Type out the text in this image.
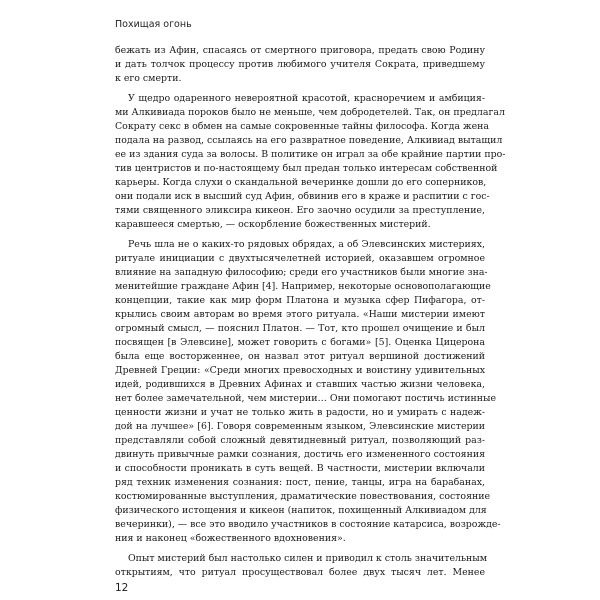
Похищая огонь
бежать из Афин, спасаясь от смертного приговора, предать свою Родину
и дать толчок процессу против любимого учителя Сократа, приведшему
к его смерти.
У щедро одаренного невероятной красотой, красноречием и амбиция-
ми Алкивиада пороков было не меньше, чем добродетелей. Так, он предлагал
Сократу секс в обмен на самые сокровенные тайны философа. Когда жена
подала на развод, ссылаясь на его развратное поведение, Алкивиад вытащил
ее из здания суда за волосы. В политике он играл за обе крайние партии про-
тив центристов и по-настоящему был предан только интересам собственной
карьеры. Когда слухи о скандальной вечеринке дошли до его соперников,
они подали иск в высший суд Афин, обвинив его в краже и распитии с гос-
тями священного эликсира кикеон. Его заочно осудили за преступление,
каравшееся смертью, — оскорбление божественных мистерий.
Речь шла не о каких-то рядовых обрядах, а об Элевсинских мистериях,
ритуале инициации с двухтысячелетней историей, оказавшем огромное
влияние на западную философию; среди его участников были многие зна-
менитейшие граждане Афин [4]. Например, некоторые основополагающие
концепции, такие как мир форм Платона и музыка сфер Пифагора, от-
крылись своим авторам во время этого ритуала. «Наши мистерии имеют
огромный смысл, — пояснил Платон. — Тот, кто прошел очищение и был
посвящен [в Элевсине], может говорить с богами» [5]. Оценка Цицерона
была еще восторженнее, он назвал этот ритуал вершиной достижений
Древней Греции: «Среди многих превосходных и воистину удивительных
идей, родившихся в Древних Афинах и ставших частью жизни человека,
нет более замечательной, чем мистерии… Они помогают постичь истинные
ценности жизни и учат не только жить в радости, но и умирать с надеж-
дой на лучшее» [6]. Говоря современным языком, Элевсинские мистерии
представляли собой сложный девятидневный ритуал, позволяющий раз-
двинуть привычные рамки сознания, достичь его измененного состояния
и способности проникать в суть вещей. В частности, мистерии включали
ряд техник изменения сознания: пост, пение, танцы, игра на барабанах,
костюмированные выступления, драматические повествования, состояние
физического истощения и кикеон (напиток, похищенный Алкивиадом для
вечеринки), — все это вводило участников в состояние катарсиса, возрожде-
ния и наконец «божественного вдохновения».
Опыт мистерий был настолько силен и приводил к столь значительным
открытиям, что ритуал просуществовал более двух тысяч лет. Менее
12
